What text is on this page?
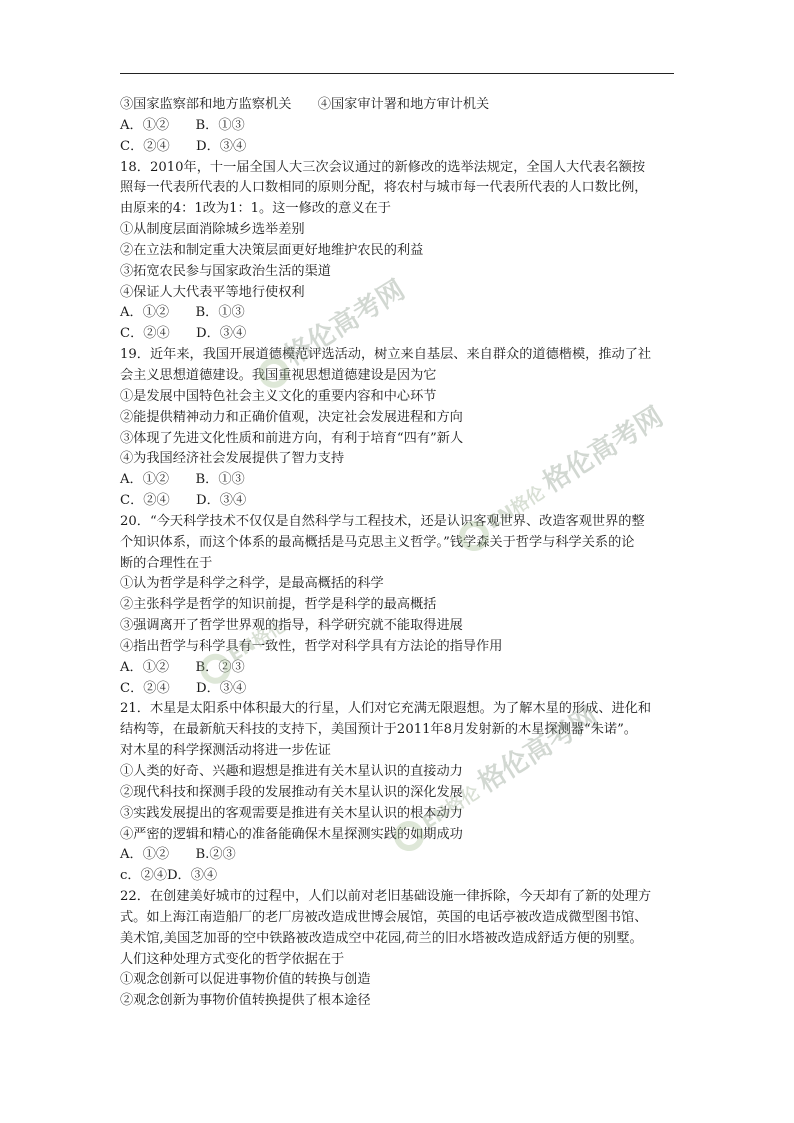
③国家监察部和地方监察机关　　④国家审计署和地方审计机关
A．①②　　B．①③
C．②④　　D．③④
18．2010年，十一届全国人大三次会议通过的新修改的选举法规定，全国人大代表名额按
照每一代表所代表的人口数相同的原则分配，将农村与城市每一代表所代表的人口数比例，
由原来的4：1改为1：1。这一修改的意义在于
①从制度层面消除城乡选举差别
②在立法和制定重大决策层面更好地维护农民的利益
③拓宽农民参与国家政治生活的渠道
④保证人大代表平等地行使权利
A．①②　　B．①③
C．②④　　D．③④
19．近年来，我国开展道德模范评选活动，树立来自基层、来自群众的道德楷模，推动了社
会主义思想道德建设。我国重视思想道德建设是因为它
①是发展中国特色社会主义文化的重要内容和中心环节
②能提供精神动力和正确价值观，决定社会发展进程和方向
③体现了先进文化性质和前进方向，有利于培育“四有”新人
④为我国经济社会发展提供了智力支持
A．①②　　B．①③
C．②④　　D．③④
20．“今天科学技术不仅仅是自然科学与工程技术，还是认识客观世界、改造客观世界的整
个知识体系，而这个体系的最高概括是马克思主义哲学。”钱学森关于哲学与科学关系的论
断的合理性在于
①认为哲学是科学之科学，是最高概括的科学
②主张科学是哲学的知识前提，哲学是科学的最高概括
③强调离开了哲学世界观的指导，科学研究就不能取得进展
④指出哲学与科学具有一致性，哲学对科学具有方法论的指导作用
A．①②　　B．②③
C．②④　　D．③④
21．木星是太阳系中体积最大的行星，人们对它充满无限遐想。为了解木星的形成、进化和
结构等，在最新航天科技的支持下，美国预计于2011年8月发射新的木星探测器“朱诺”。
对木星的科学探测活动将进一步佐证
①人类的好奇、兴趣和遐想是推进有关木星认识的直接动力
②现代科技和探测手段的发展推动有关木星认识的深化发展
③实践发展提出的客观需要是推进有关木星认识的根本动力
④严密的逻辑和精心的准备能确保木星探测实践的如期成功
A．①②　　B.②③
c．②④D．③④
22．在创建美好城市的过程中，人们以前对老旧基础设施一律拆除，今天却有了新的处理方
式。如上海江南造船厂的老厂房被改造成世博会展馆，英国的电话亭被改造成微型图书馆、
美术馆,美国芝加哥的空中铁路被改造成空中花园,荷兰的旧水塔被改造成舒适方便的别墅。
人们这种处理方式变化的哲学依据在于
①观念创新可以促进事物价值的转换与创造
②观念创新为事物价值转换提供了根本途径
格伦高考网
EN格伦 格伦高考网
EN格伦
EN格伦 格伦高考网
